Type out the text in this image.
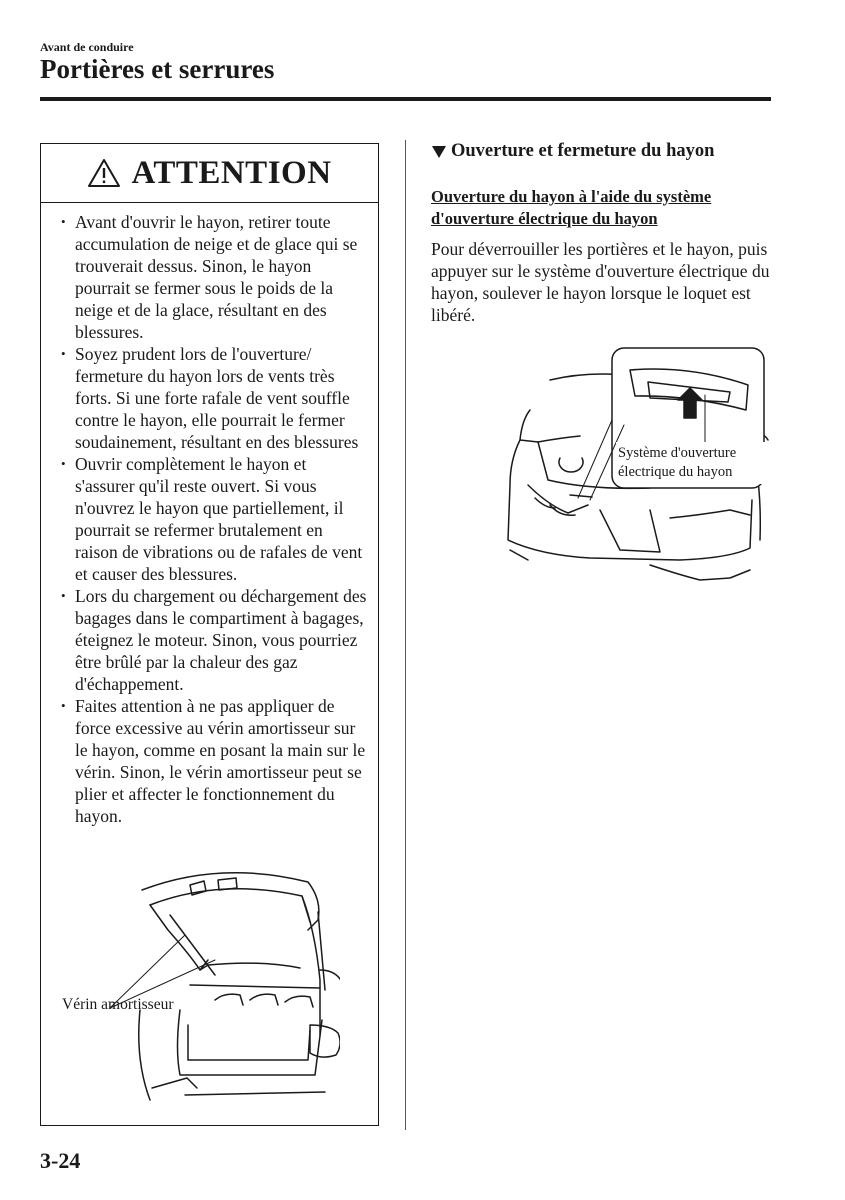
Avant de conduire
Portières et serrures
ATTENTION
• Avant d'ouvrir le hayon, retirer toute accumulation de neige et de glace qui se trouverait dessus. Sinon, le hayon pourrait se fermer sous le poids de la neige et de la glace, résultant en des blessures.
• Soyez prudent lors de l'ouverture/ fermeture du hayon lors de vents très forts. Si une forte rafale de vent souffle contre le hayon, elle pourrait le fermer soudainement, résultant en des blessures
• Ouvrir complètement le hayon et s'assurer qu'il reste ouvert. Si vous n'ouvrez le hayon que partiellement, il pourrait se refermer brutalement en raison de vibrations ou de rafales de vent et causer des blessures.
• Lors du chargement ou déchargement des bagages dans le compartiment à bagages, éteignez le moteur. Sinon, vous pourriez être brûlé par la chaleur des gaz d'échappement.
• Faites attention à ne pas appliquer de force excessive au vérin amortisseur sur le hayon, comme en posant la main sur le vérin. Sinon, le vérin amortisseur peut se plier et affecter le fonctionnement du hayon.
Vérin amortisseur
Ouverture et fermeture du hayon
Ouverture du hayon à l'aide du système d'ouverture électrique du hayon

Pour déverrouiller les portières et le hayon, puis appuyer sur le système d'ouverture électrique du hayon, soulever le hayon lorsque le loquet est libéré.

Système d'ouverture électrique du hayon
3-24
